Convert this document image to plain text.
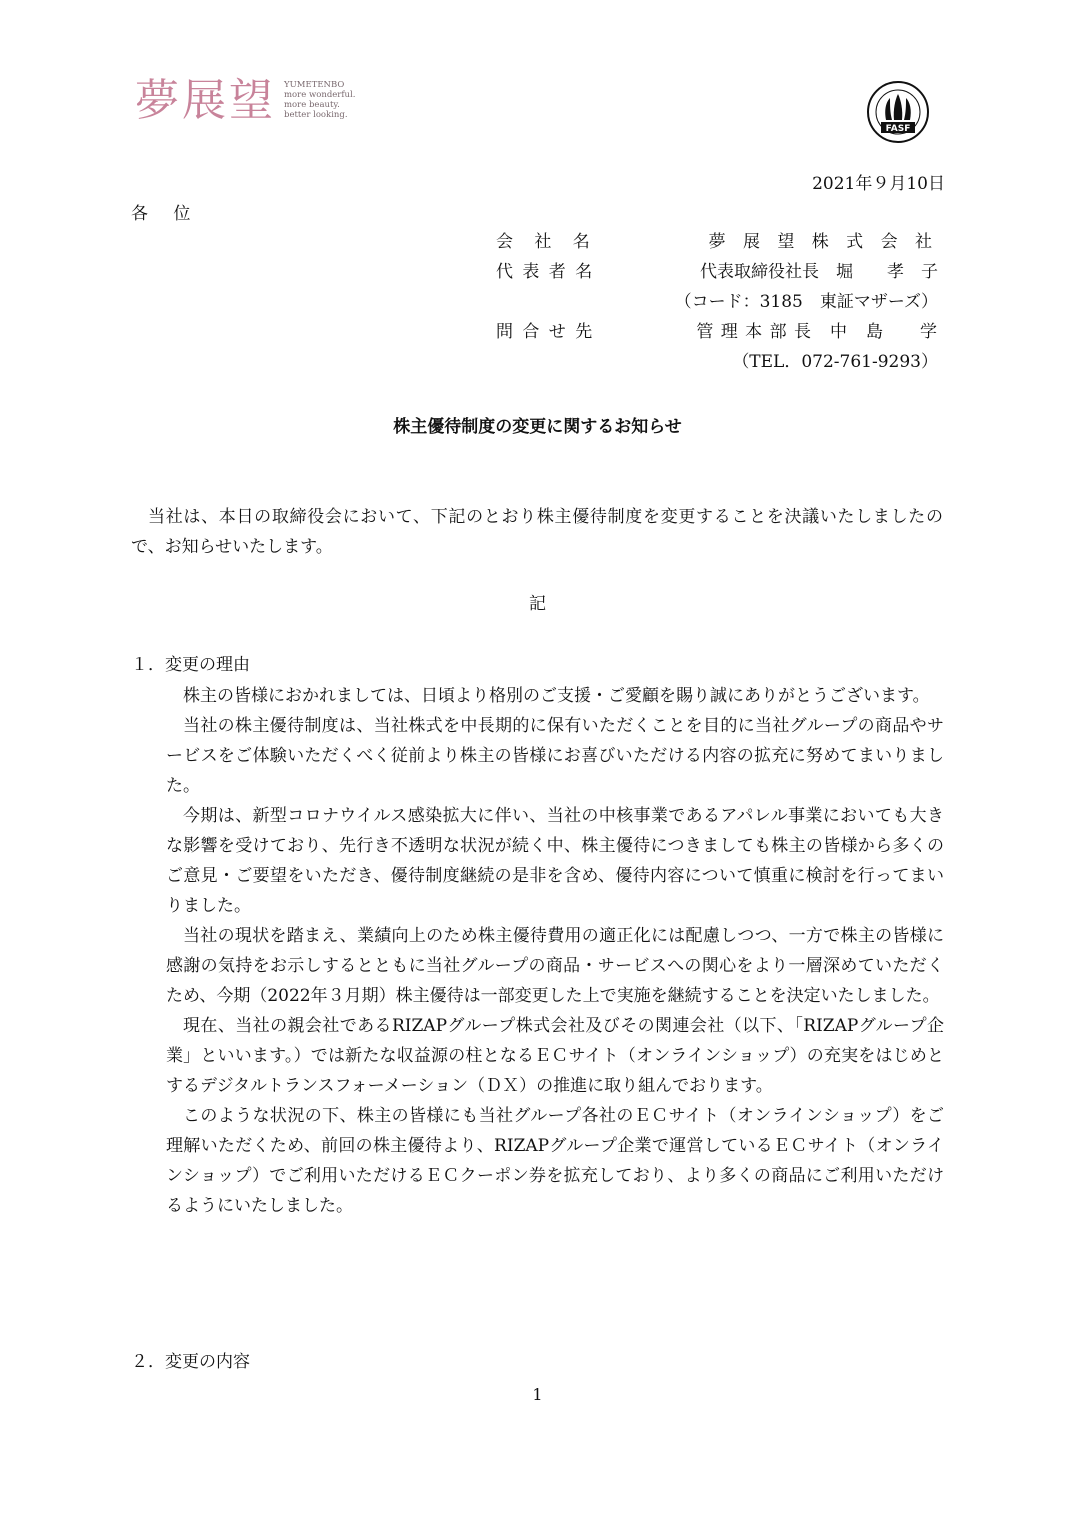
夢展望 YUMETENBO
more wonderful.
more beauty.
better looking.
FASF
2021年９月10日
各 位
会 社 名	夢 展 望 株 式 会 社
代 表 者 名	代表取締役社長　堀　　孝　子
（コード：3185　東証マザーズ）
問 合 せ 先	管 理 本 部 長　中　島　　学
（TEL．072-761-9293）
株主優待制度の変更に関するお知らせ
当社は、本日の取締役会において、下記のとおり株主優待制度を変更することを決議いたしましたので、お知らせいたします。
記
１．変更の理由
株主の皆様におかれましては、日頃より格別のご支援・ご愛顧を賜り誠にありがとうございます。
当社の株主優待制度は、当社株式を中長期的に保有いただくことを目的に当社グループの商品やサービスをご体験いただくべく従前より株主の皆様にお喜びいただける内容の拡充に努めてまいりました。
今期は、新型コロナウイルス感染拡大に伴い、当社の中核事業であるアパレル事業においても大きな影響を受けており、先行き不透明な状況が続く中、株主優待につきましても株主の皆様から多くのご意見・ご要望をいただき、優待制度継続の是非を含め、優待内容について慎重に検討を行ってまいりました。
当社の現状を踏まえ、業績向上のため株主優待費用の適正化には配慮しつつ、一方で株主の皆様に感謝の気持をお示しするとともに当社グループの商品・サービスへの関心をより一層深めていただくため、今期（2022年３月期）株主優待は一部変更した上で実施を継続することを決定いたしました。
現在、当社の親会社であるRIZAPグループ株式会社及びその関連会社（以下、「RIZAPグループ企業」といいます。）では新たな収益源の柱となるＥＣサイト（オンラインショップ）の充実をはじめとするデジタルトランスフォーメーション（ＤＸ）の推進に取り組んでおります。
このような状況の下、株主の皆様にも当社グループ各社のＥＣサイト（オンラインショップ）をご理解いただくため、前回の株主優待より、RIZAPグループ企業で運営しているＥＣサイト（オンラインショップ）でご利用いただけるＥＣクーポン券を拡充しており、より多くの商品にご利用いただけるようにいたしました。
２．変更の内容
1
